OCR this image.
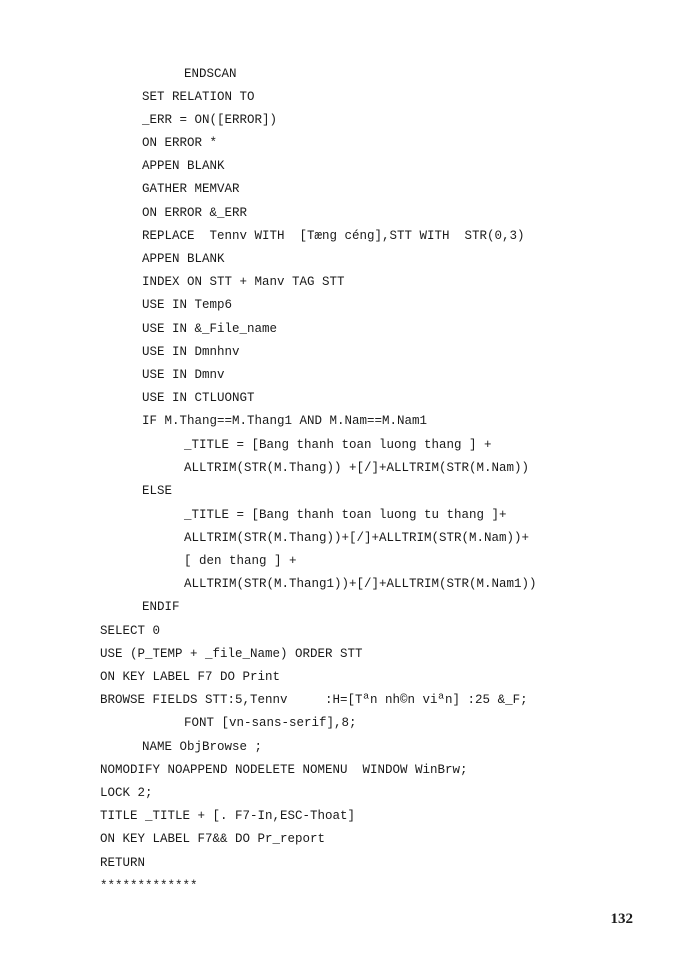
ENDSCAN
SET RELATION TO
_ERR = ON([ERROR])
ON ERROR *
APPEN BLANK
GATHER MEMVAR
ON ERROR &_ERR
REPLACE  Tennv WITH  [Tæng céng],STT WITH  STR(0,3)
APPEN BLANK
INDEX ON STT + Manv TAG STT
USE IN Temp6
USE IN &_File_name
USE IN Dmnhnv
USE IN Dmnv
USE IN CTLUONGT
IF M.Thang==M.Thang1 AND M.Nam==M.Nam1
_TITLE = [Bang thanh toan luong thang ] +
ALLTRIM(STR(M.Thang)) +[/]+ALLTRIM(STR(M.Nam))
ELSE
_TITLE = [Bang thanh toan luong tu thang ]+
ALLTRIM(STR(M.Thang))+[/]+ALLTRIM(STR(M.Nam))+
[ den thang ] +
ALLTRIM(STR(M.Thang1))+[/]+ALLTRIM(STR(M.Nam1))
ENDIF
SELECT 0
USE (P_TEMP + _file_Name) ORDER STT
ON KEY LABEL F7 DO Print
BROWSE FIELDS STT:5,Tennv     :H=[Tªn nh©n viªn] :25 &_F;
FONT [vn-sans-serif],8;
NAME ObjBrowse ;
NOMODIFY NOAPPEND NODELETE NOMENU  WINDOW WinBrw;
LOCK 2;
TITLE _TITLE + [. F7-In,ESC-Thoat]
ON KEY LABEL F7&& DO Pr_report
RETURN
*************
132
